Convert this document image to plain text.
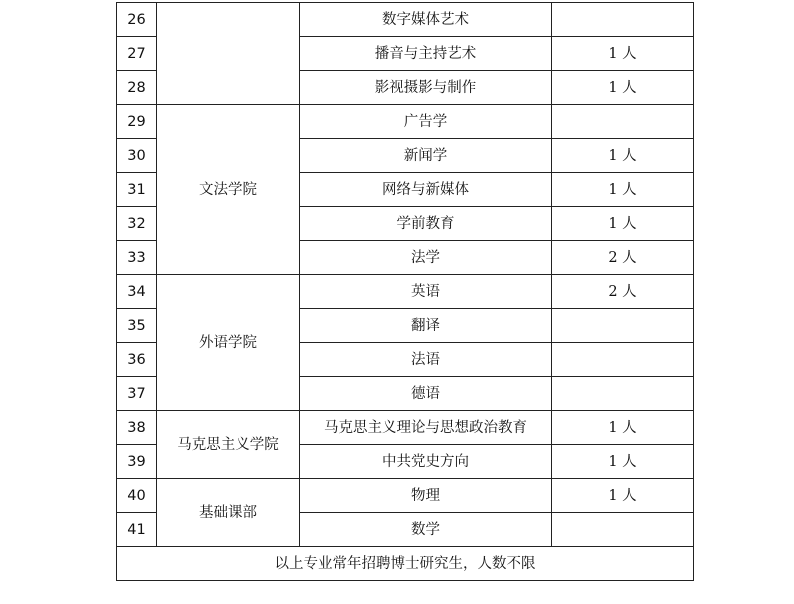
26		数字媒体艺术	
27		播音与主持艺术	1 人
28		影视摄影与制作	1 人
29	文法学院	广告学	
30		新闻学	1 人
31		网络与新媒体	1 人
32		学前教育	1 人
33		法学	2 人
34	外语学院	英语	2 人
35		翻译	
36		法语	
37		德语	
38	马克思主义学院	马克思主义理论与思想政治教育	1 人
39		中共党史方向	1 人
40	基础课部	物理	1 人
41		数学	
以上专业常年招聘博士研究生，人数不限			
